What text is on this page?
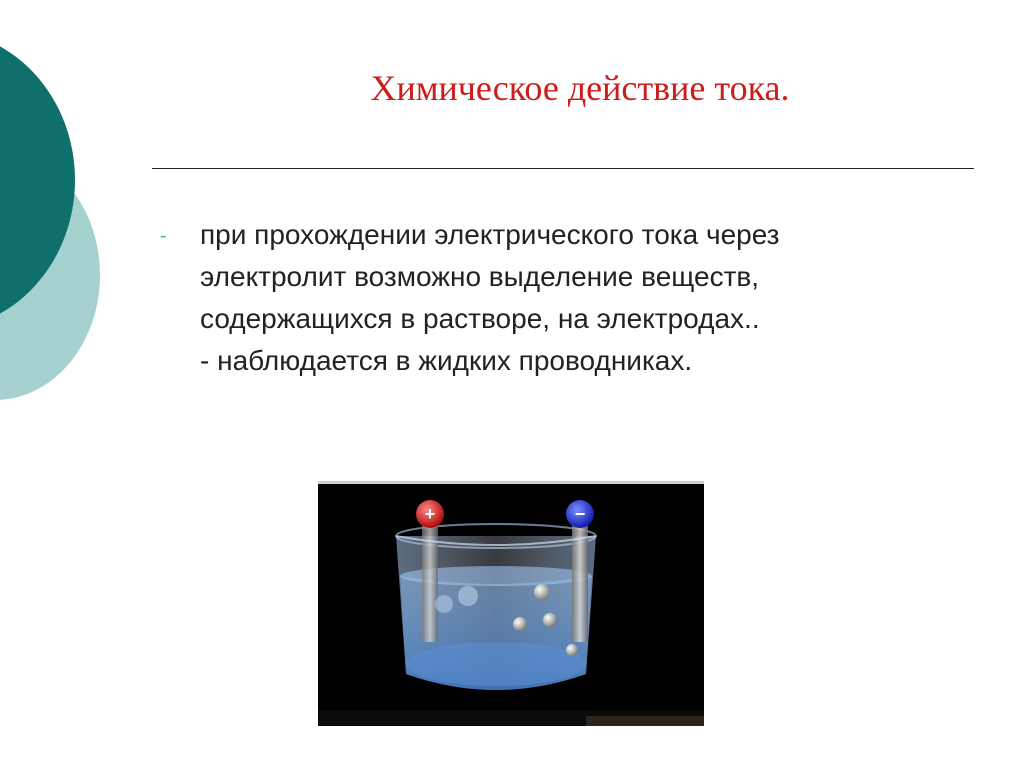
Химическое действие тока.
- при прохождении электрического тока через
электролит возможно выделение веществ,
содержащихся в растворе, на электродах..
- наблюдается в жидких проводниках.
+	−
